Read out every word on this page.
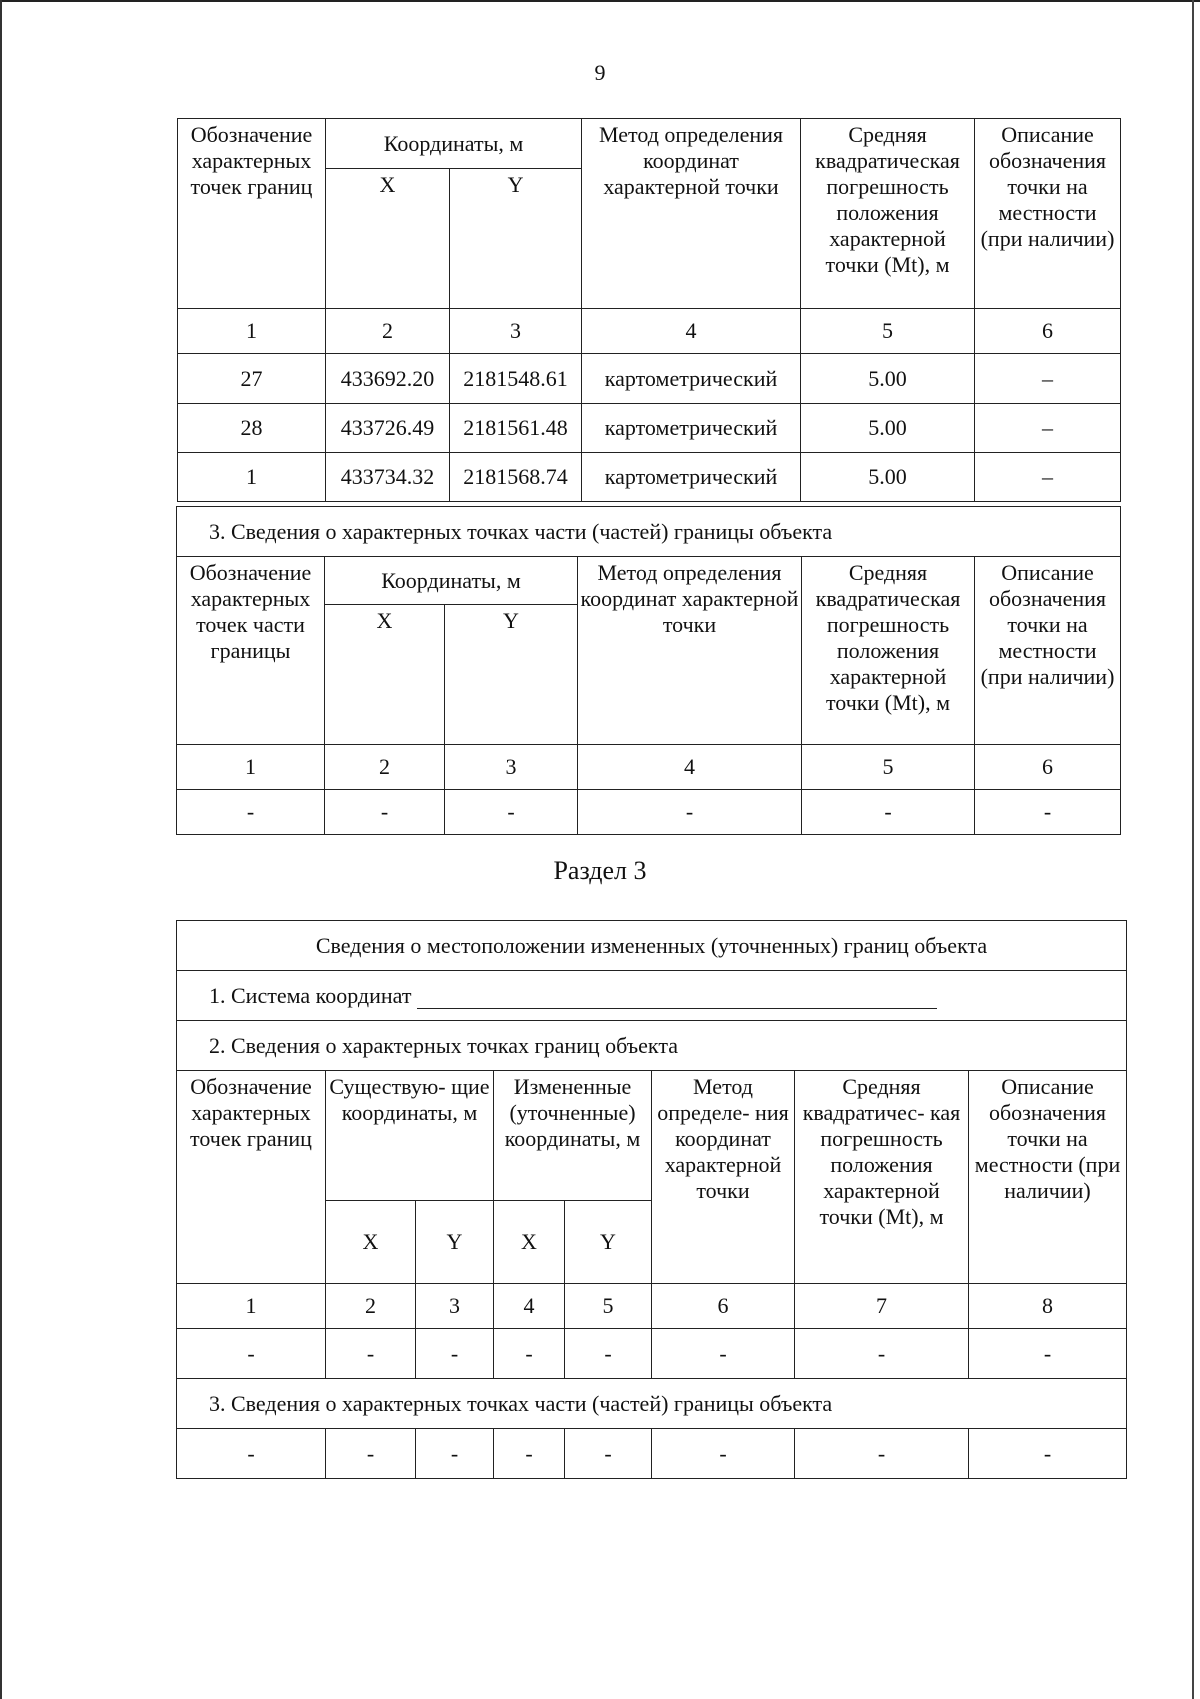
9
Обозначение характерных точек границ	Координаты, м		Метод определения координат характерной точки	Средняя квадратическая погрешность положения характерной точки (Mt), м	Описание обозначения точки на местности (при наличии)
	X	Y			
1	2	3	4	5	6
27	433692.20	2181548.61	картометрический	5.00	–
28	433726.49	2181561.48	картометрический	5.00	–
1	433734.32	2181568.74	картометрический	5.00	–
3. Сведения о характерных точках части (частей) границы объекта					
Обозначение характерных точек части границы	Координаты, м		Метод определения координат характерной точки	Средняя квадратическая погрешность положения характерной точки (Mt), м	Описание обозначения точки на местности (при наличии)
	X	Y			
1	2	3	4	5	6
-	-	-	-	-	-
Раздел 3
Сведения о местоположении измененных (уточненных) границ объекта							
1. Система координат							
2. Сведения о характерных точках границ объекта							
Обозначение характерных точек границ	Существую- щие координаты, м		Измененные (уточненные) координаты, м		Метод определе- ния координат характерной точки	Средняя квадратичес- кая погрешность положения характерной точки (Mt), м	Описание обозначения точки на местности (при наличии)
	X	Y	X	Y			
1	2	3	4	5	6	7	8
-	-	-	-	-	-	-	-
3. Сведения о характерных точках части (частей) границы объекта							
-	-	-	-	-	-	-	-
